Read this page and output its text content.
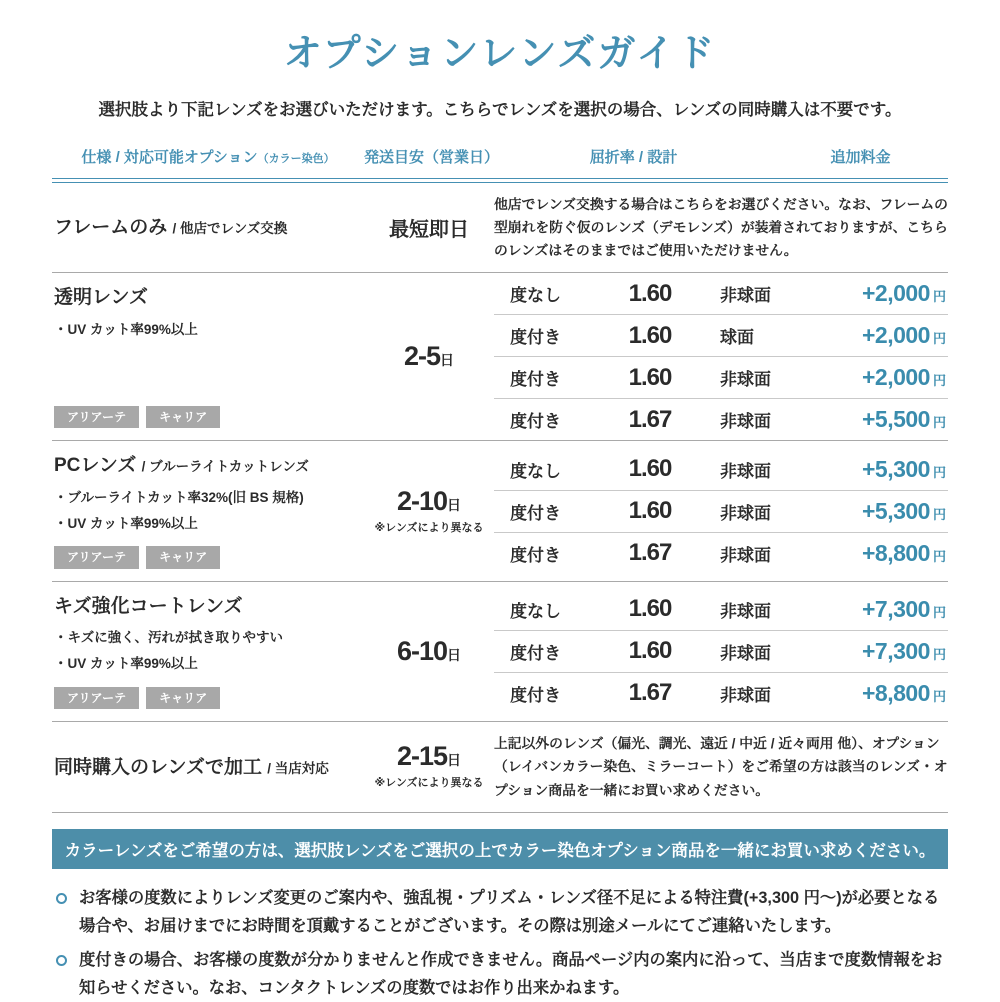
オプションレンズガイド

選択肢より下記レンズをお選びいただけます。こちらでレンズを選択の場合、レンズの同時購入は不要です。

仕様 / 対応可能オプション（カラー染色）	発送目安（営業日）	屈折率 / 設計	追加料金
フレームのみ / 他店でレンズ交換	最短即日
他店でレンズ交換する場合はこちらをお選びください。なお、フレームの型崩れを防ぐ仮のレンズ（デモレンズ）が装着されておりますが、こちらのレンズはそのままではご使用いただけません。
透明レンズ
・UV カット率99%以上
アリアーテ	キャリア
2-5日
度なし	1.60	非球面	+2,000 円
度付き	1.60	球面	+2,000 円
度付き	1.60	非球面	+2,000 円
度付き	1.67	非球面	+5,500 円
PCレンズ / ブルーライトカットレンズ
・ブルーライトカット率32%(旧 BS 規格)
・UV カット率99%以上
アリアーテ	キャリア
2-10日
※レンズにより異なる
度なし	1.60	非球面	+5,300 円
度付き	1.60	非球面	+5,300 円
度付き	1.67	非球面	+8,800 円
キズ強化コートレンズ
・キズに強く、汚れが拭き取りやすい
・UV カット率99%以上
アリアーテ	キャリア
6-10日
度なし	1.60	非球面	+7,300 円
度付き	1.60	非球面	+7,300 円
度付き	1.67	非球面	+8,800 円
同時購入のレンズで加工 / 当店対応	2-15日
※レンズにより異なる
上記以外のレンズ（偏光、調光、遠近 / 中近 / 近々両用 他）、オプション（レイバンカラー染色、ミラーコート）をご希望の方は該当のレンズ・オプション商品を一緒にお買い求めください。
カラーレンズをご希望の方は、選択肢レンズをご選択の上でカラー染色オプション商品を一緒にお買い求めください。
お客様の度数によりレンズ変更のご案内や、強乱視・プリズム・レンズ径不足による特注費(+3,300 円～)が必要となる場合や、お届けまでにお時間を頂戴することがございます。その際は別途メールにてご連絡いたします。
度付きの場合、お客様の度数が分かりませんと作成できません。商品ページ内の案内に沿って、当店まで度数情報をお知らせください。なお、コンタクトレンズの度数ではお作り出来かねます。
